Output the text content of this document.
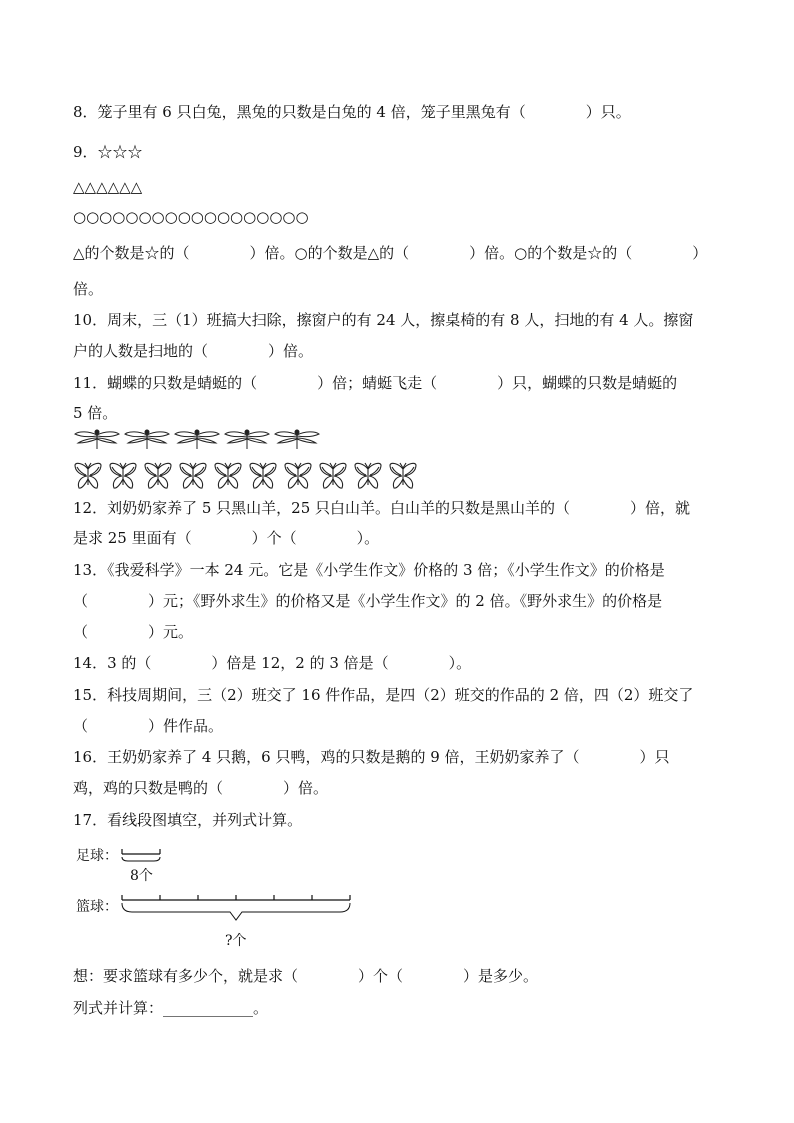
8．笼子里有 6 只白兔，黑兔的只数是白兔的 4 倍，笼子里黑兔有（　　　　）只。
9．☆☆☆
△△△△△△
○○○○○○○○○○○○○○○○○○
△的个数是☆的（　　　　）倍。○的个数是△的（　　　　）倍。○的个数是☆的（　　　　）
倍。
10．周末，三（1）班搞大扫除，擦窗户的有 24 人，擦桌椅的有 8 人，扫地的有 4 人。擦窗
户的人数是扫地的（　　　　）倍。
11．蝴蝶的只数是蜻蜓的（　　　　）倍；蜻蜓飞走（　　　　）只，蝴蝶的只数是蜻蜓的
5 倍。
12．刘奶奶家养了 5 只黑山羊，25 只白山羊。白山羊的只数是黑山羊的（　　　　）倍，就
是求 25 里面有（　　　　）个（　　　　）。
13．《我爱科学》一本 24 元。它是《小学生作文》价格的 3 倍；《小学生作文》的价格是
（　　　　）元；《野外求生》的价格又是《小学生作文》的 2 倍。《野外求生》的价格是
（　　　　）元。
14．3 的（　　　　）倍是 12，2 的 3 倍是（　　　　）。
15．科技周期间，三（2）班交了 16 件作品，是四（2）班交的作品的 2 倍，四（2）班交了
（　　　　）件作品。
16．王奶奶家养了 4 只鹅，6 只鸭，鸡的只数是鹅的 9 倍，王奶奶家养了（　　　　）只
鸡，鸡的只数是鸭的（　　　　）倍。
17．看线段图填空，并列式计算。
足球：
8个
篮球：
?个
想：要求篮球有多少个，就是求（　　　　）个（　　　　）是多少。
列式并计算：____________。
